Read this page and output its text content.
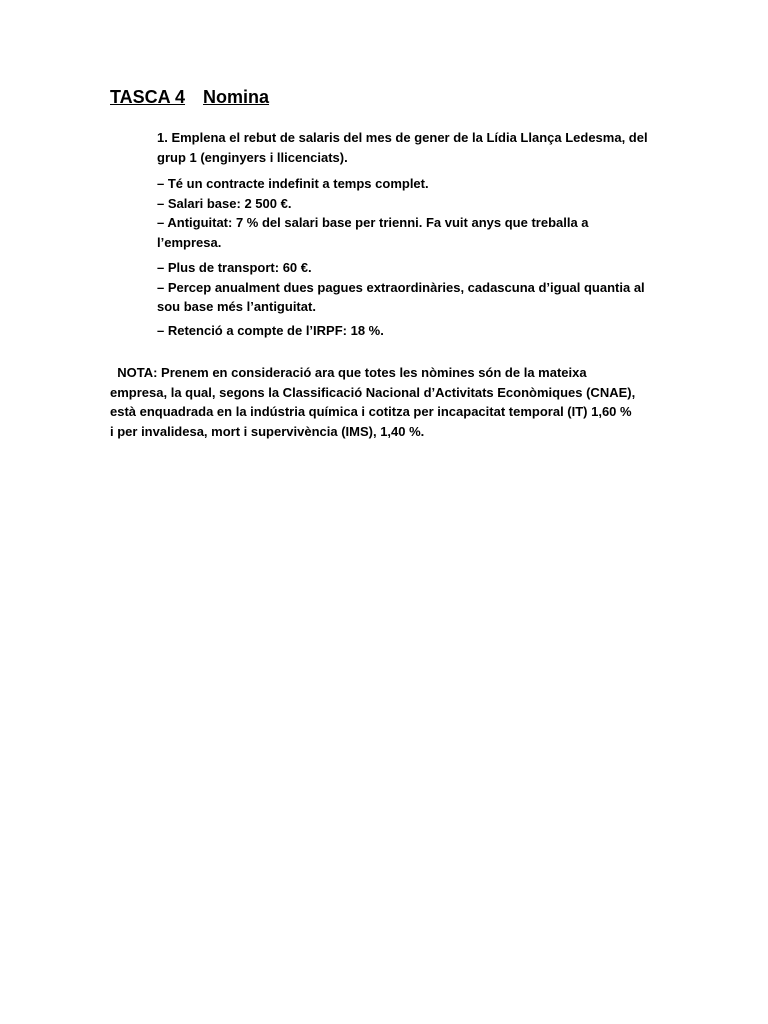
TASCA 4 Nomina

1. Emplena el rebut de salaris del mes de gener de la Lídia Llança Ledesma, del

grup 1 (enginyers i llicenciats).

– Té un contracte indefinit a temps complet.

– Salari base: 2 500 €.

– Antiguitat: 7 % del salari base per trienni. Fa vuit anys que treballa a

l’empresa.

– Plus de transport: 60 €.

– Percep anualment dues pagues extraordinàries, cadascuna d’igual quantia al

sou base més l’antiguitat.

– Retenció a compte de l’IRPF: 18 %.

NOTA: Prenem en consideració ara que totes les nòmines són de la mateixa

empresa, la qual, segons la Classificació Nacional d’Activitats Econòmiques (CNAE),

està enquadrada en la indústria química i cotitza per incapacitat temporal (IT) 1,60 %

i per invalidesa, mort i supervivència (IMS), 1,40 %.
